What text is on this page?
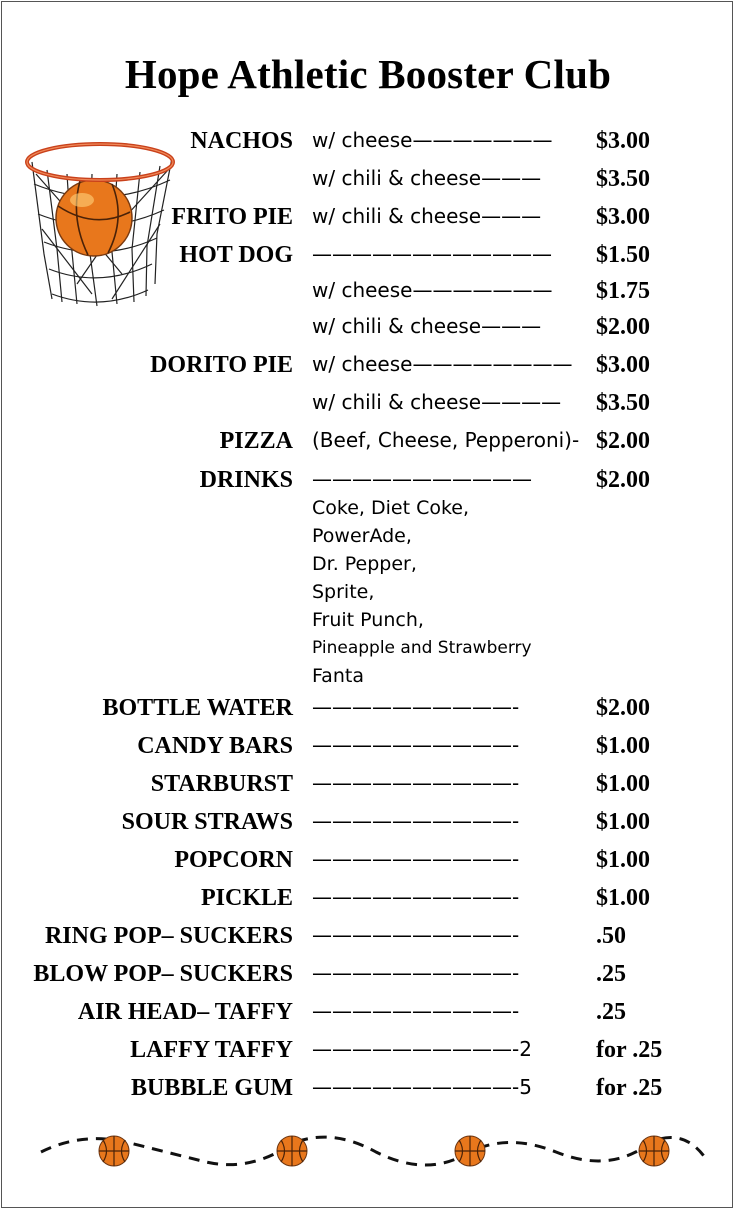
Hope Athletic Booster Club
NACHOS w/ cheese——————— $3.00
w/ chili & cheese——— $3.50
FRITO PIE w/ chili & cheese——— $3.00
HOT DOG ———————————— $1.50
w/ cheese——————— $1.75
w/ chili & cheese——— $2.00
DORITO PIE w/ cheese———————— $3.00
w/ chili & cheese———— $3.50
PIZZA (Beef, Cheese, Pepperoni)- $2.00
DRINKS ———————————	$2.00
BOTTLE WATER ——————————-	$2.00
CANDY BARS ——————————-	$1.00
STARBURST ——————————-	$1.00
SOUR STRAWS ——————————-	$1.00
POPCORN ——————————-	$1.00
PICKLE ——————————-	$1.00
RING POP– SUCKERS ——————————-	.50
BLOW POP– SUCKERS ——————————-	.25
AIR HEAD– TAFFY ——————————-	.25
LAFFY TAFFY ——————————-2	for .25
BUBBLE GUM ——————————-5	for .25
Coke, Diet Coke,
PowerAde,
Dr. Pepper,
Sprite,
Fruit Punch,
Pineapple and Strawberry
Fanta
